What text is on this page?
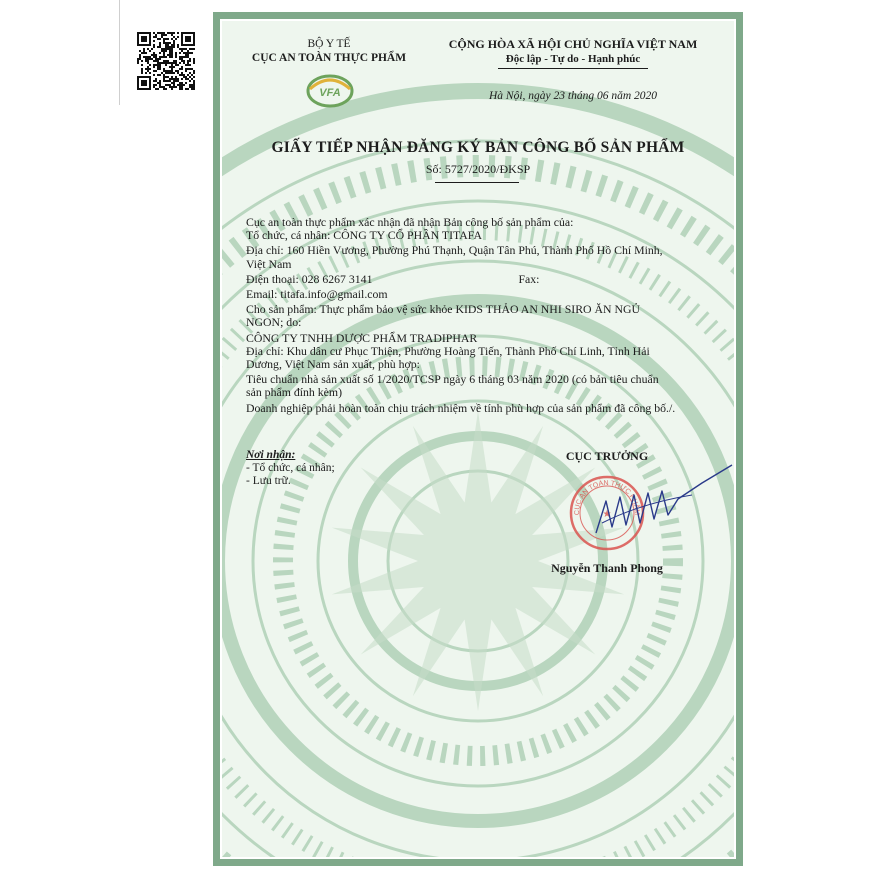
BỘ Y TẾ
CỤC AN TOÀN THỰC PHẨM
VFA
CỘNG HÒA XÃ HỘI CHỦ NGHĨA VIỆT NAM
Độc lập - Tự do - Hạnh phúc
Hà Nội, ngày 23 tháng 06 năm 2020
GIẤY TIẾP NHẬN ĐĂNG KÝ BẢN CÔNG BỐ SẢN PHẨM
Số: 5727/2020/ĐKSP

Cục an toàn thực phẩm xác nhận đã nhận Bản công bố sản phẩm của:

Tổ chức, cá nhân: CÔNG TY CỔ PHẦN TITAFA

Địa chỉ: 160 Hiền Vương, Phường Phú Thạnh, Quận Tân Phú, Thành Phố Hồ Chí Minh,

Việt Nam

Điện thoại: 028 6267 3141	Fax:

Email: titafa.info@gmail.com

Cho sản phẩm: Thực phẩm bảo vệ sức khỏe KIDS THẢO AN NHI SIRO ĂN NGỦ

NGON; do:

CÔNG TY TNHH DƯỢC PHẨM TRADIPHAR

Địa chỉ: Khu dân cư Phục Thiện, Phường Hoàng Tiến, Thành Phố Chí Linh, Tỉnh Hải

Dương, Việt Nam sản xuất, phù hợp:

Tiêu chuẩn nhà sản xuất số 1/2020/TCSP ngày 6 tháng 03 năm 2020 (có bản tiêu chuẩn

sản phẩm đính kèm)

Doanh nghiệp phải hoàn toàn chịu trách nhiệm về tính phù hợp của sản phẩm đã công bố./.

Nơi nhận:
- Tổ chức, cá nhân;
- Lưu trữ.
CỤC TRƯỞNG
CỤC AN TOÀN THỰC PHẨM
★
Nguyễn Thanh Phong
